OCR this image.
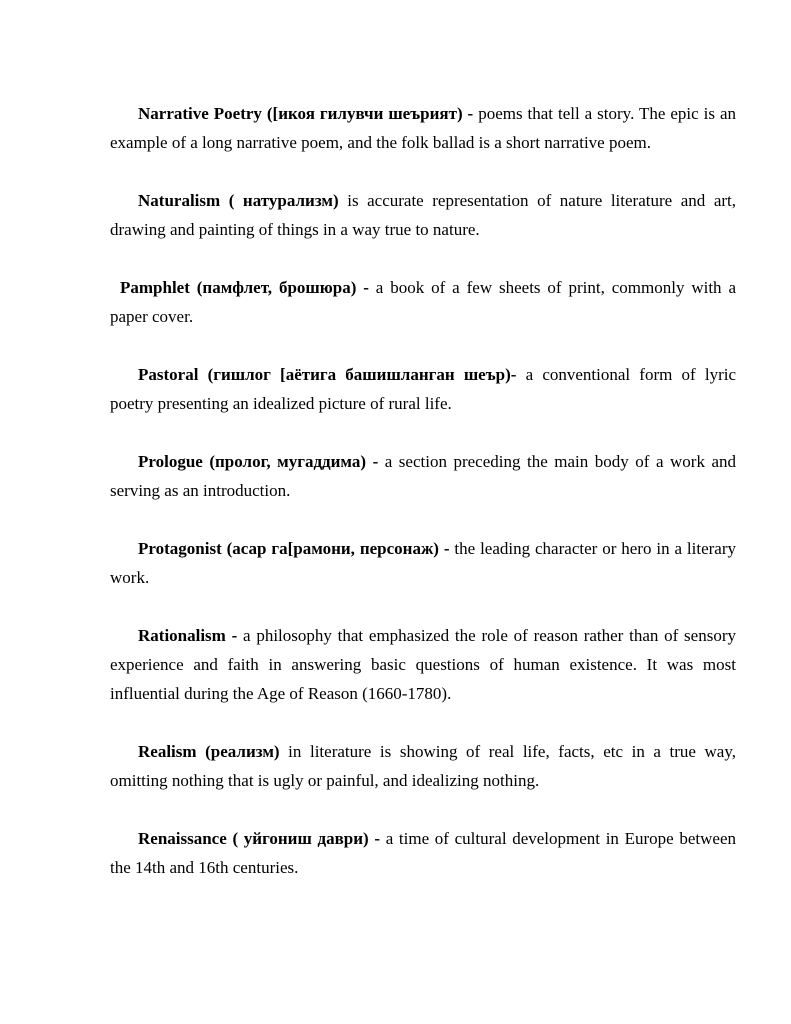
Narrative Poetry ([икоя гилувчи шеърият) - poems that tell a story. The epic is an example of a long narrative poem, and the folk ballad is a short narrative poem.

Naturalism ( натурализм) is accurate representation of nature literature and art, drawing and painting of things in a way true to nature.

Pamphlet (памфлет, брошюра) - a book of a few sheets of print, commonly with a paper cover.

Pastoral (гишлог [аётига башишланган шеър)- a conventional form of lyric poetry presenting an idealized picture of rural life.

Prologue (пролог, мугаддима) - a section preceding the main body of a work and serving as an introduction.

Protagonist (асар га[рамони, персонаж) - the leading character or hero in a literary work.

Rationalism - a philosophy that emphasized the role of reason rather than of sensory experience and faith in answering basic questions of human existence. It was most influential during the Age of Reason (1660-1780).

Realism (реализм) in literature is showing of real life, facts, etc in a true way, omitting nothing that is ugly or painful, and idealizing nothing.

Renaissance ( уйгониш даври) - a time of cultural development in Europe between the 14th and 16th centuries.
